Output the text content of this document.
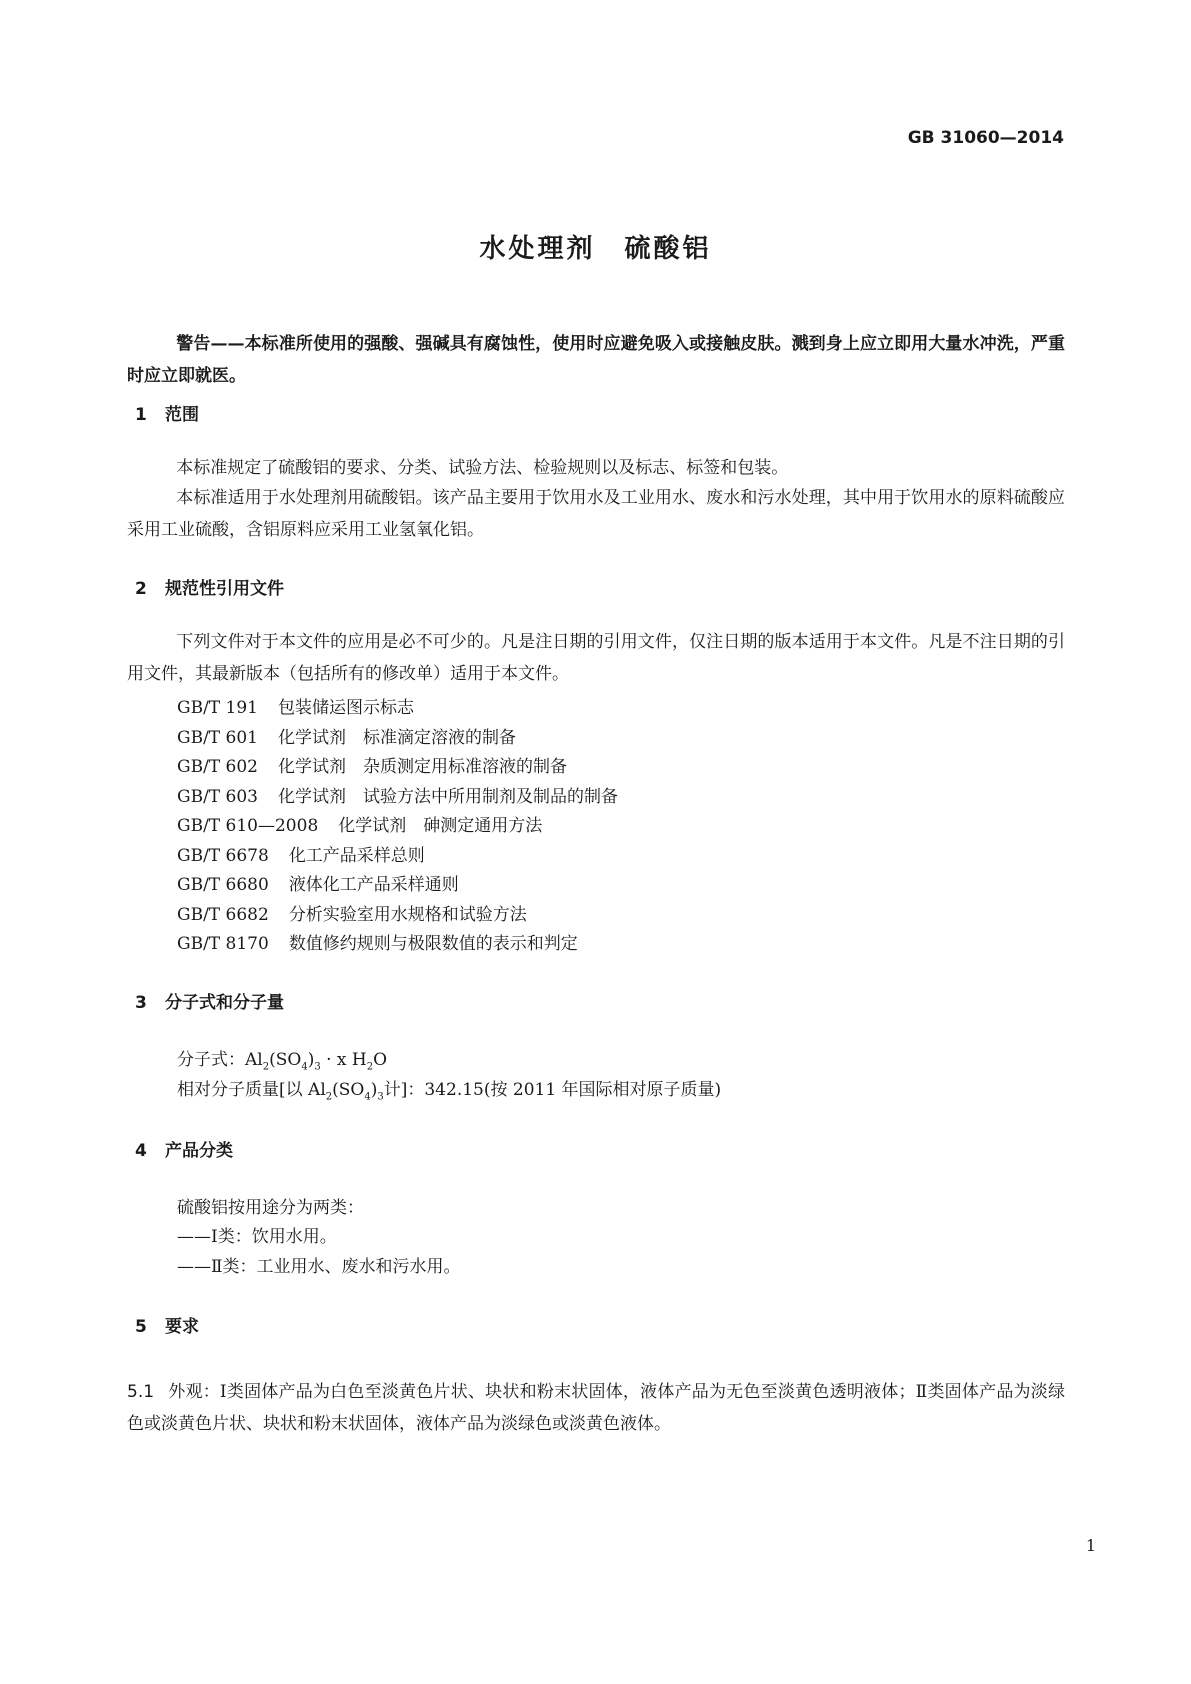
GB 31060—2014
水处理剂　硫酸铝
警告——本标准所使用的强酸、强碱具有腐蚀性，使用时应避免吸入或接触皮肤。溅到身上应立即用大量水冲洗，严重时应立即就医。
1 范围
本标准规定了硫酸铝的要求、分类、试验方法、检验规则以及标志、标签和包装。
本标准适用于水处理剂用硫酸铝。该产品主要用于饮用水及工业用水、废水和污水处理，其中用于饮用水的原料硫酸应采用工业硫酸，含铝原料应采用工业氢氧化铝。
2 规范性引用文件
下列文件对于本文件的应用是必不可少的。凡是注日期的引用文件，仅注日期的版本适用于本文件。凡是不注日期的引用文件，其最新版本（包括所有的修改单）适用于本文件。
GB/T 191 包装储运图示标志
GB/T 601 化学试剂　标准滴定溶液的制备
GB/T 602 化学试剂　杂质测定用标准溶液的制备
GB/T 603 化学试剂　试验方法中所用制剂及制品的制备
GB/T 610—2008 化学试剂　砷测定通用方法
GB/T 6678 化工产品采样总则
GB/T 6680 液体化工产品采样通则
GB/T 6682 分析实验室用水规格和试验方法
GB/T 8170 数值修约规则与极限数值的表示和判定
3 分子式和分子量
分子式：$Al_2(SO_4)_3 \cdot x$ $H_2O$
相对分子质量[以 $Al_2(SO_4)_3$计]：342.15(按 2011 年国际相对原子质量)
4 产品分类
硫酸铝按用途分为两类：
——Ⅰ类：饮用水用。
——Ⅱ类：工业用水、废水和污水用。
5 要求
5.1 外观：Ⅰ类固体产品为白色至淡黄色片状、块状和粉末状固体，液体产品为无色至淡黄色透明液体；Ⅱ类固体产品为淡绿色或淡黄色片状、块状和粉末状固体，液体产品为淡绿色或淡黄色液体。
1
